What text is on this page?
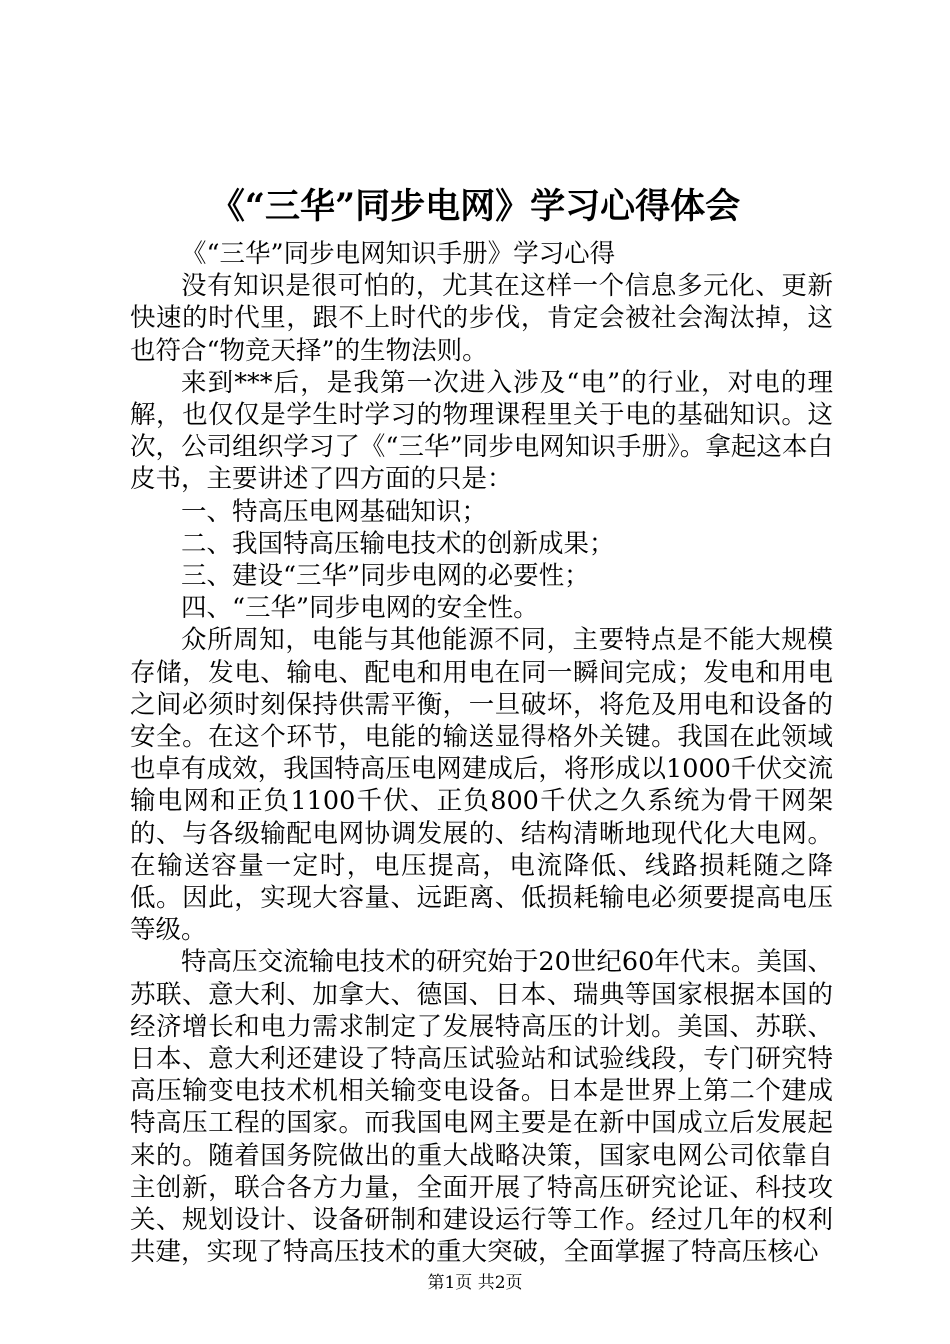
《“三华”同步电网》学习心得体会

《“三华”同步电网知识手册》学习心得

没有知识是很可怕的，尤其在这样一个信息多元化、更新快速的时代里，跟不上时代的步伐，肯定会被社会淘汰掉，这也符合“物竞天择”的生物法则。

来到***后，是我第一次进入涉及“电”的行业，对电的理解，也仅仅是学生时学习的物理课程里关于电的基础知识。这次，公司组织学习了《“三华”同步电网知识手册》。拿起这本白皮书，主要讲述了四方面的只是：

一、特高压电网基础知识；

二、我国特高压输电技术的创新成果；

三、建设“三华”同步电网的必要性；

四、“三华”同步电网的安全性。

众所周知，电能与其他能源不同，主要特点是不能大规模存储，发电、输电、配电和用电在同一瞬间完成；发电和用电之间必须时刻保持供需平衡，一旦破坏，将危及用电和设备的安全。在这个环节，电能的输送显得格外关键。我国在此领域也卓有成效，我国特高压电网建成后，将形成以1000千伏交流输电网和正负1100千伏、正负800千伏之久系统为骨干网架的、与各级输配电网协调发展的、结构清晰地现代化大电网。在输送容量一定时，电压提高，电流降低、线路损耗随之降低。因此，实现大容量、远距离、低损耗输电必须要提高电压等级。

特高压交流输电技术的研究始于20世纪60年代末。美国、苏联、意大利、加拿大、德国、日本、瑞典等国家根据本国的经济增长和电力需求制定了发展特高压的计划。美国、苏联、日本、意大利还建设了特高压试验站和试验线段，专门研究特高压输变电技术机相关输变电设备。日本是世界上第二个建成特高压工程的国家。而我国电网主要是在新中国成立后发展起来的。随着国务院做出的重大战略决策，国家电网公司依靠自主创新，联合各方力量，全面开展了特高压研究论证、科技攻关、规划设计、设备研制和建设运行等工作。经过几年的权利共建，实现了特高压技术的重大突破，全面掌握了特高压核心

第1页 共2页
